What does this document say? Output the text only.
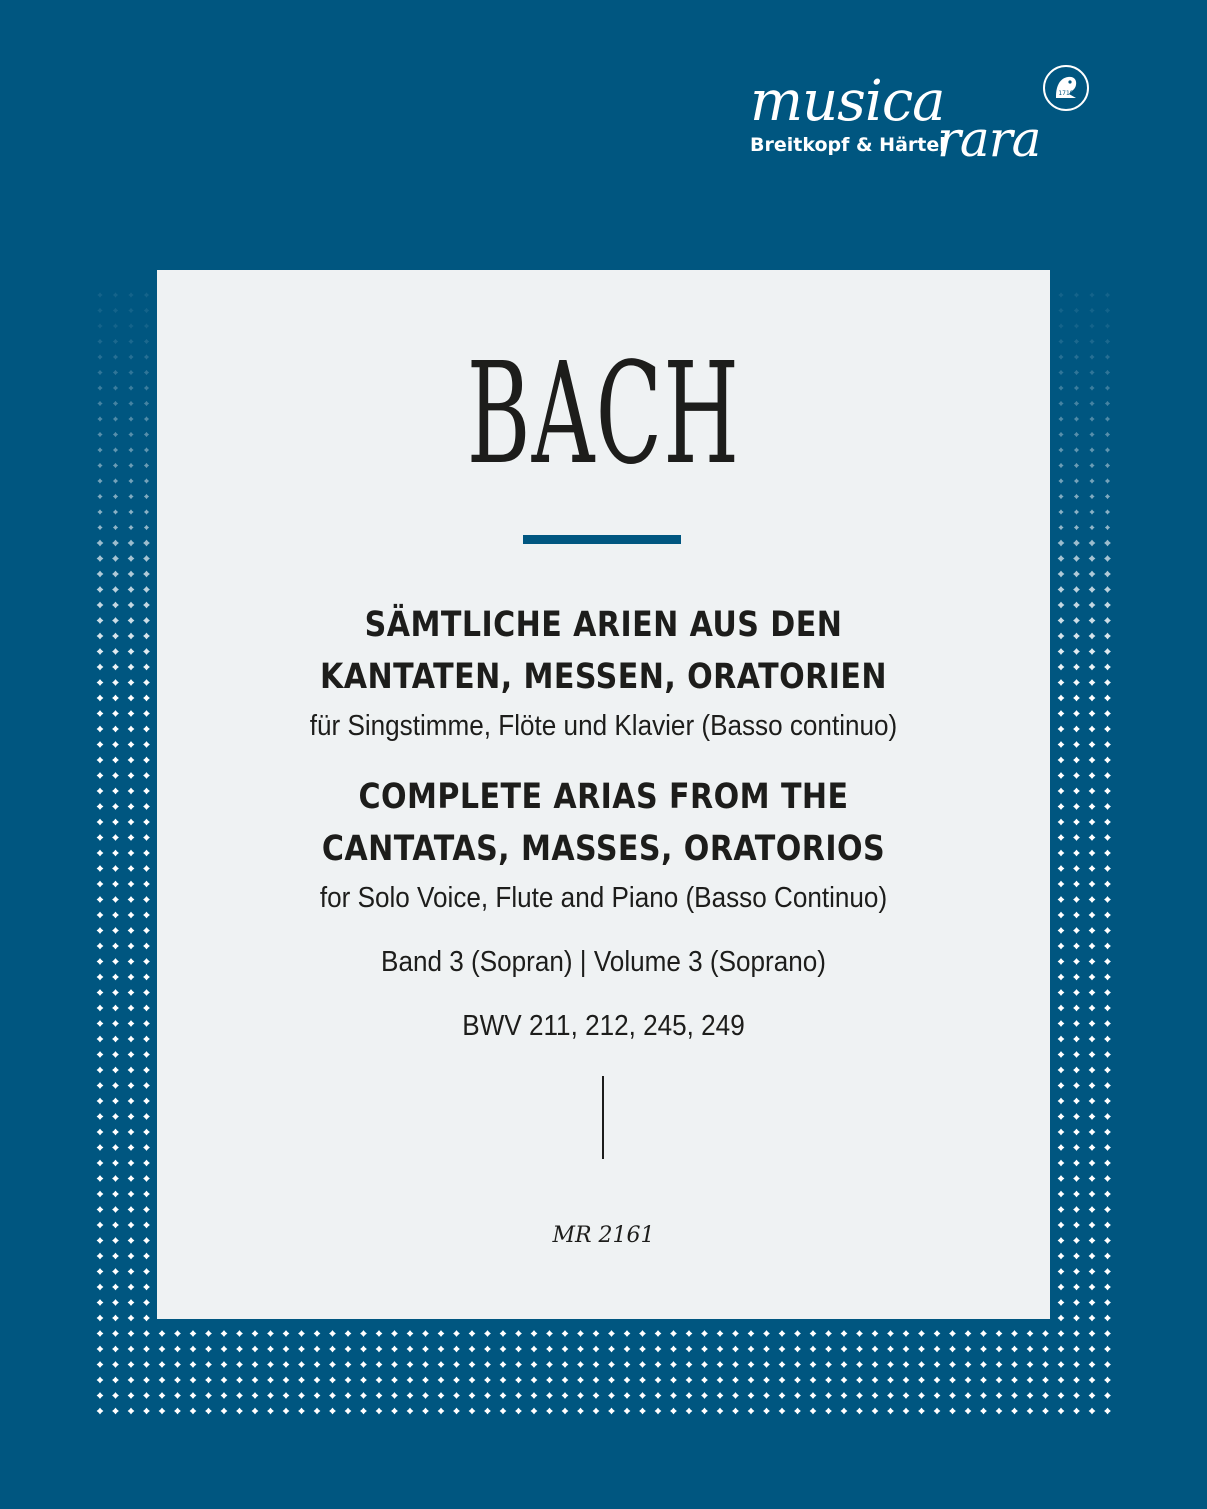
musica
rara
Breitkopf & Härtel
1719
BACH
SÄMTLICHE ARIEN AUS DEN
KANTATEN, MESSEN, ORATORIEN
für Singstimme, Flöte und Klavier (Basso continuo)
COMPLETE ARIAS FROM THE
CANTATAS, MASSES, ORATORIOS
for Solo Voice, Flute and Piano (Basso Continuo)
Band 3 (Sopran) | Volume 3 (Soprano)
BWV 211, 212, 245, 249
MR 2161
